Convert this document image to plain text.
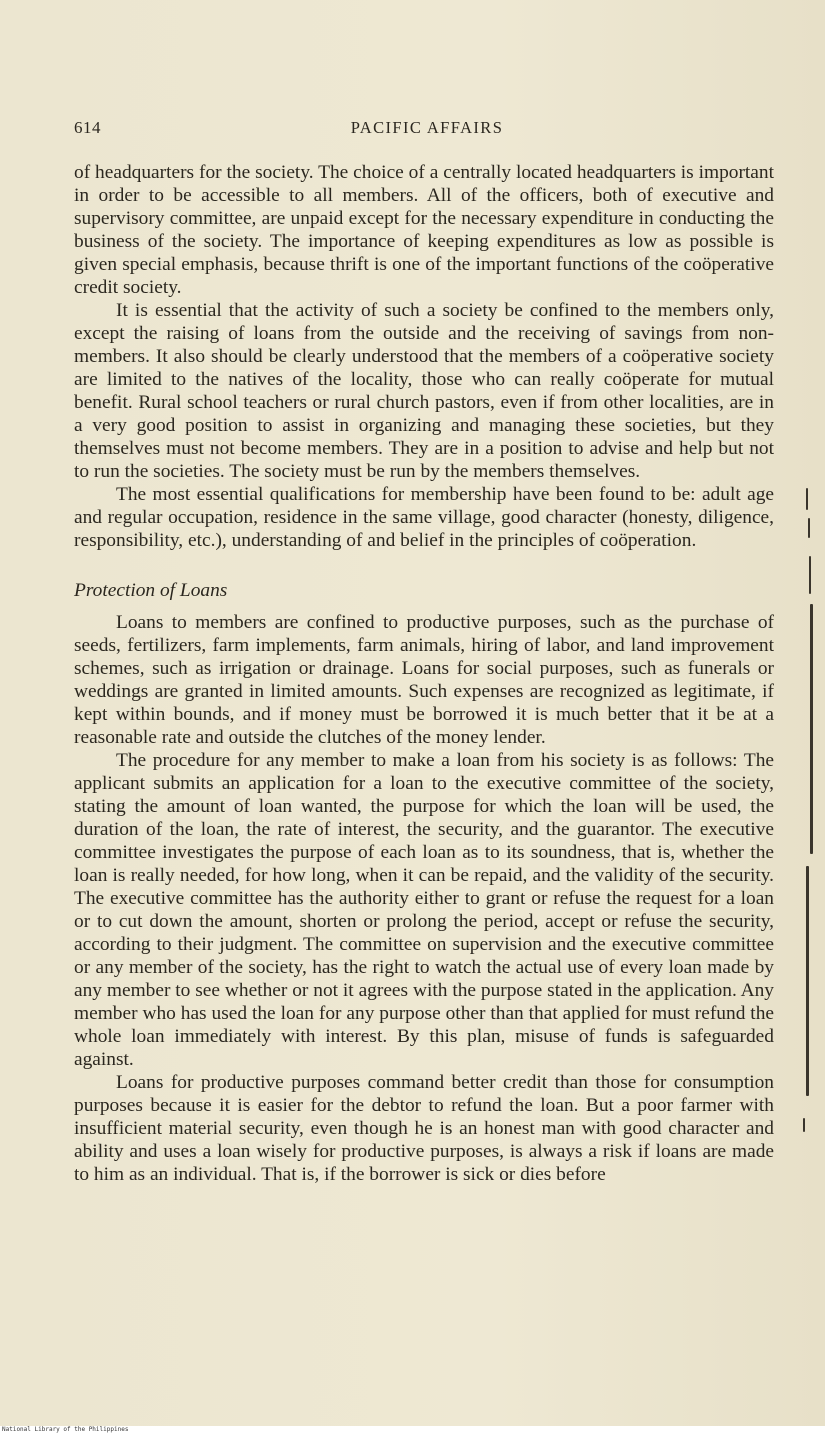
614	PACIFIC AFFAIRS

of headquarters for the society. The choice of a centrally located headquarters is important in order to be accessible to all members. All of the officers, both of executive and supervisory committee, are unpaid except for the necessary expenditure in conducting the business of the society. The importance of keeping expenditures as low as possible is given special emphasis, because thrift is one of the important functions of the coöperative credit society.

It is essential that the activity of such a society be confined to the members only, except the raising of loans from the outside and the receiving of savings from non-members. It also should be clearly understood that the members of a coöperative society are limited to the natives of the locality, those who can really coöperate for mutual benefit. Rural school teachers or rural church pastors, even if from other localities, are in a very good position to assist in organizing and managing these societies, but they themselves must not become members. They are in a position to advise and help but not to run the societies. The society must be run by the members themselves.

The most essential qualifications for membership have been found to be: adult age and regular occupation, residence in the same village, good character (honesty, diligence, responsibility, etc.), understanding of and belief in the principles of coöperation.

Protection of Loans

Loans to members are confined to productive purposes, such as the purchase of seeds, fertilizers, farm implements, farm animals, hiring of labor, and land improvement schemes, such as irrigation or drainage. Loans for social purposes, such as funerals or weddings are granted in limited amounts. Such expenses are recognized as legitimate, if kept within bounds, and if money must be borrowed it is much better that it be at a reasonable rate and outside the clutches of the money lender.

The procedure for any member to make a loan from his society is as follows: The applicant submits an application for a loan to the executive committee of the society, stating the amount of loan wanted, the purpose for which the loan will be used, the duration of the loan, the rate of interest, the security, and the guarantor. The executive committee investigates the purpose of each loan as to its soundness, that is, whether the loan is really needed, for how long, when it can be repaid, and the validity of the security. The executive committee has the authority either to grant or refuse the request for a loan or to cut down the amount, shorten or prolong the period, accept or refuse the security, according to their judgment. The committee on supervision and the executive committee or any member of the society, has the right to watch the actual use of every loan made by any member to see whether or not it agrees with the purpose stated in the application. Any member who has used the loan for any purpose other than that applied for must refund the whole loan immediately with interest. By this plan, misuse of funds is safeguarded against.

Loans for productive purposes command better credit than those for consumption purposes because it is easier for the debtor to refund the loan. But a poor farmer with insufficient material security, even though he is an honest man with good character and ability and uses a loan wisely for productive purposes, is always a risk if loans are made to him as an individual. That is, if the borrower is sick or dies before

National Library of the Philippines
